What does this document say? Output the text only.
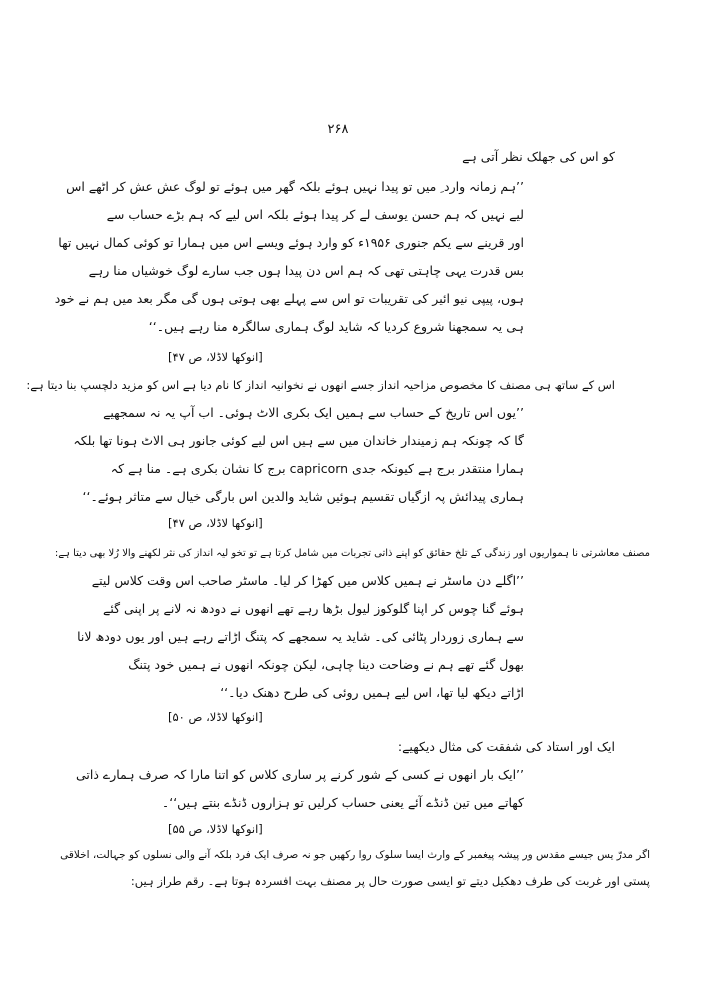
۲۶۸
کو اس کی جھلک نظر آتی ہے
’’ہم زمانہ وارد ِ میں تو پیدا نہیں ہوئے بلکہ گھر میں ہوئے تو لوگ عش عش کر اٹھے اس
لیے نہیں کہ ہم حسن یوسف لے کر پیدا ہوئے بلکہ اس لیے کہ ہم بڑے حساب سے
اور قرینے سے یکم جنوری ۱۹۵۶ء کو وارد ہوئے ویسے اس میں ہمارا تو کوئی کمال نہیں تھا
بس قدرت یہی چاہتی تھی کہ ہم اس دن پیدا ہوں جب سارے لوگ خوشیاں منا رہے
ہوں، پیپی نیو ائیر کی تقریبات تو اس سے پہلے بھی ہوتی ہوں گی مگر بعد میں ہم نے خود
ہی یہ سمجھنا شروع کردیا کہ شاید لوگ ہماری سالگرہ منا رہے ہیں۔‘‘
[انوکھا لاڈلا، ص ۴۷]
اس کے ساتھ ہی مصنف کا مخصوص مزاحیہ انداز جسے انھوں نے نخوانیہ انداز کا نام دیا ہے اس کو مزید دلچسپ بنا دیتا ہے:
’’یوں اس تاریخ کے حساب سے ہمیں ایک بکری الاٹ ہوئی۔ اب آپ یہ نہ سمجھیے
گا کہ چونکہ ہم زمیندار خاندان میں سے ہیں اس لیے کوئی جانور ہی الاٹ ہونا تھا بلکہ
ہمارا منتقدر برج ہے کیونکہ جدی capricorn برج کا نشان بکری ہے۔ منا ہے کہ
ہماری پیدائش پہ ازگیاں تقسیم ہوئیں شاید والدین اس بارگی خیال سے متاثر ہوئے۔‘‘
[انوکھا لاڈلا، ص ۴۷]
مصنف معاشرتی نا ہمواریوں اور زندگی کے تلخ حقائق کو اپنے ذاتی تجربات میں شامل کرتا ہے تو تخو لیہ انداز کی نثر لکھنے والا رُلا بھی دیتا ہے:
’’اگلے دن ماسٹر نے ہمیں کلاس میں کھڑا کر لیا۔ ماسٹر صاحب اس وقت کلاس لیتے
ہوئے گنا چوس کر اپنا گلوکوز لیول بڑھا رہے تھے انھوں نے دودھ نہ لانے پر اپنی گئے
سے ہماری زوردار پٹائی کی۔ شاید یہ سمجھے کہ پتنگ اڑاتے رہے ہیں اور یوں دودھ لانا
بھول گئے تھے ہم نے وضاحت دینا چاہی، لیکن چونکہ انھوں نے ہمیں خود پتنگ
اڑاتے دیکھ لیا تھا، اس لیے ہمیں روئی کی طرح دھنک دیا۔‘‘
[انوکھا لاڈلا، ص ۵۰]
ایک اور استاد کی شفقت کی مثال دیکھیے:
’’ایک بار انھوں نے کسی کے شور کرنے پر ساری کلاس کو اتنا مارا کہ صرف ہمارے ذاتی
کھاتے میں تین ڈنڈے آئے یعنی حساب کرلیں تو ہزاروں ڈنڈے بنتے ہیں‘‘۔
[انوکھا لاڈلا، ص ۵۵]
اگر مدرّ یس جیسے مقدس ور پیشہ پیغمبر کے وارث ایسا سلوک روا رکھیں جو نہ صرف ایک فرد بلکہ آنے والی نسلوں کو جہالت، اخلاقی
پستی اور غربت کی طرف دھکیل دیتے تو ایسی صورت حال پر مصنف بہت افسردہ ہوتا ہے۔ رقم طراز ہیں:
